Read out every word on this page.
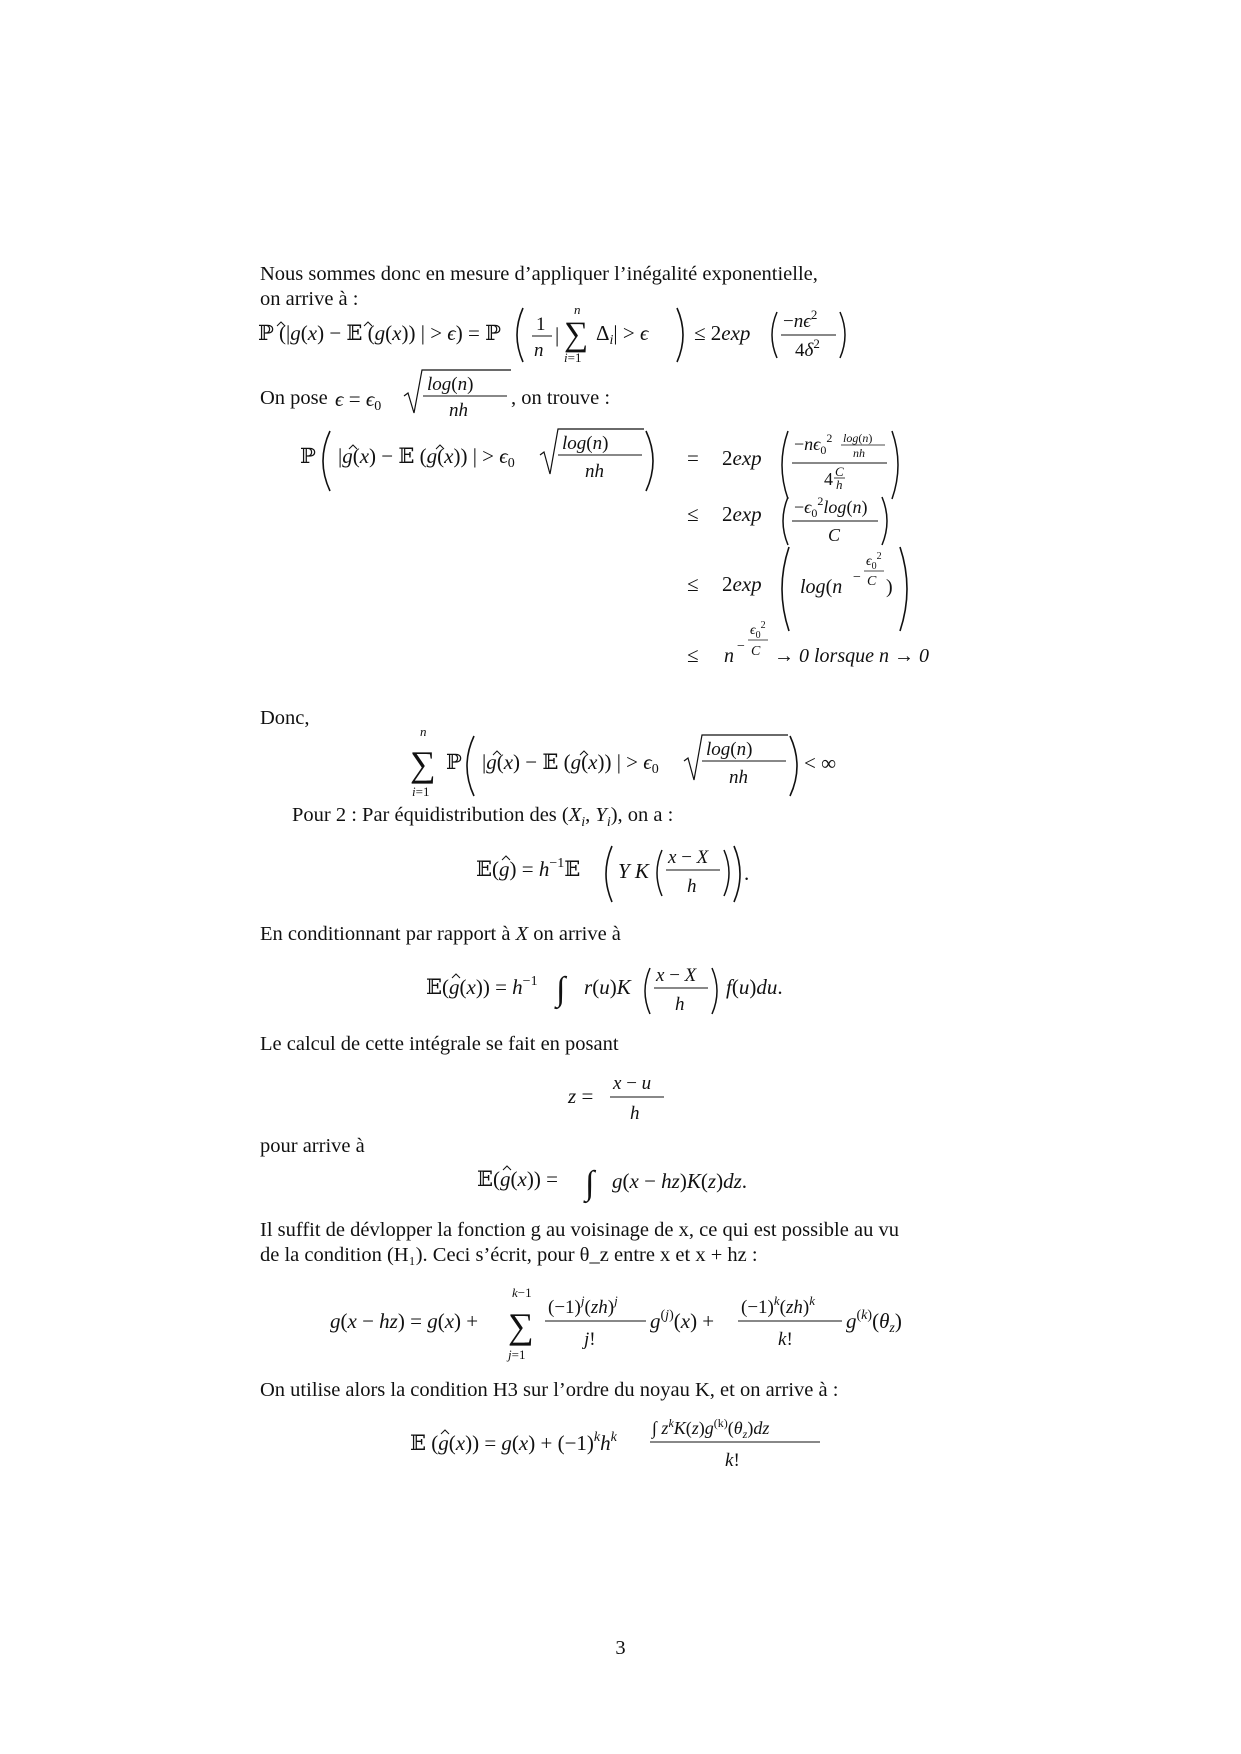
Nous sommes donc en mesure d’appliquer l’inégalité exponentielle,
on arrive à :
ℙ (|g(x) − 𝔼 (g(x)) | > ϵ) = ℙ 1
n
|
n
∑
i=1
$\Delta i| > \epsilon \le 2\exp -n\epsilon^2$
$4\delta^2$
On pose ϵ = ϵ0
log(n)
nh
, on trouve :
ℙ |g(x) − 𝔼 (g(x)) | > ϵ0
log(n)
nh
= 2exp
$-n\epsilon_0^2$ log(n)
nh
4 C
h
≤ $2\exp -\epsilon_0^2\log(n)$
C
≤ 2exp log(n −
$\epsilon_0^2$
C )
≤ n −
$\epsilon_0^2$
C → 0 lorsque n → 0
Donc,
n
∑
i=1
ℙ |g(x) − 𝔼 (g(x)) | > ϵ0
log(n)
nh
< ∞
Pour 2 : Par équidistribution des ($X_i$, $Y_i$), on a :
𝔼(g) = $h^{-1}𝔼$ Y K
x − X
h
.
En conditionnant par rapport à X on arrive à
𝔼(g(x)) = $h^{-1}$ ∫ r(u)K x − X
h
f(u)du.
Le calcul de cette intégrale se fait en posant
z =
x − u
h
pour arrive à
𝔼(g(x)) = ∫ g(x − hz)K(z)dz.
Il suffit de dévlopper la fonction g au voisinage de x, ce qui est possible au vu
de la condition (H₁). Ceci s’écrit, pour θ_z entre x et x + hz :
g(x − hz) = g(x) +
k−1
∑
j=1
$(-1)^j(zh)^j$
j!
g(j)(x) +
$(-1)^k(zh)^k$
k!
g(k)(θz)
On utilise alors la condition H3 sur l’ordre du noyau K, et on arrive à :
𝔼 $(g(x)) = g(x) + (-1)^kh^k$ ∫ $z^kK(z)g^{(k)}(\theta_z)dz$
k!
3
